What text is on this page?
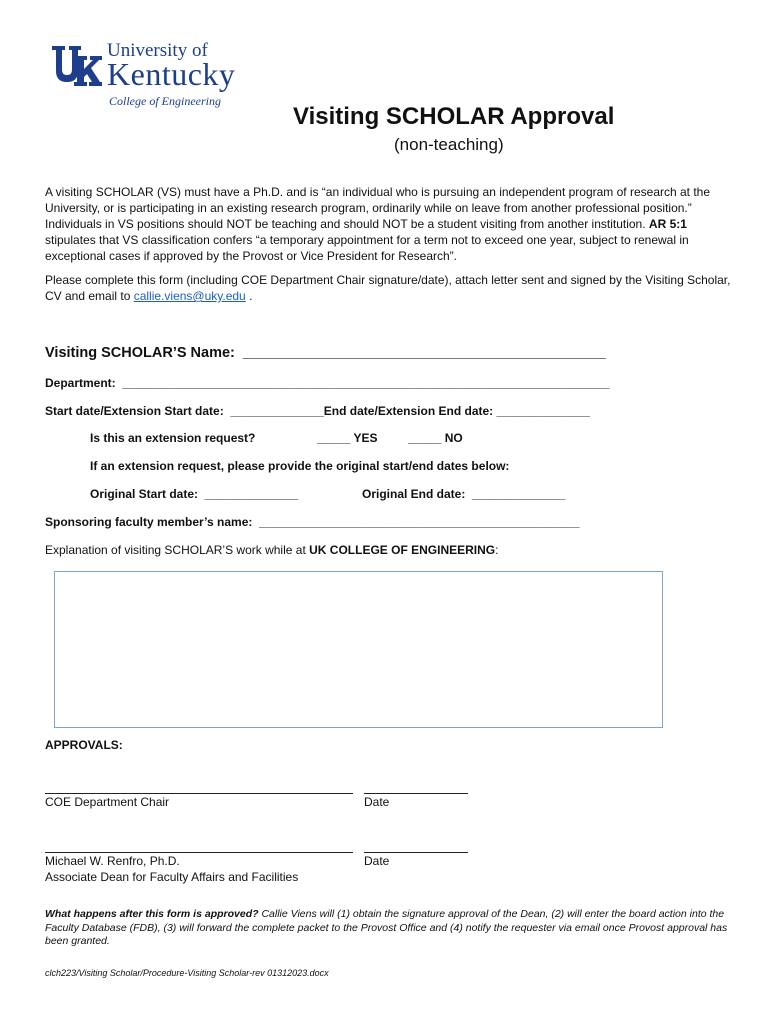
University of
Kentucky
College of Engineering
Visiting SCHOLAR Approval
(non-teaching)
A visiting SCHOLAR (VS) must have a Ph.D. and is “an individual who is pursuing an independent program of research at the University, or is participating in an existing research program, ordinarily while on leave from another professional position.” Individuals in VS positions should NOT be teaching and should NOT be a student visiting from another institution. AR 5:1 stipulates that VS classification confers “a temporary appointment for a term not to exceed one year, subject to renewal in exceptional cases if approved by the Provost or Vice President for Research”.
Please complete this form (including COE Department Chair signature/date), attach letter sent and signed by the Visiting Scholar, CV and email to callie.viens@uky.edu .
Visiting SCHOLAR’S Name:  _____________________________________________
Department:  _________________________________________________________________________
Start date/Extension Start date:  ______________End date/Extension End date: ______________
Is this an extension request?	_____ YES	_____ NO
If an extension request, please provide the original start/end dates below:
Original Start date:  ______________	Original End date:  ______________
Sponsoring faculty member’s name:  ________________________________________________
Explanation of visiting SCHOLAR’S work while at UK COLLEGE OF ENGINEERING:
APPROVALS:
COE Department Chair	Date
Michael W. Renfro, Ph.D.	Date
Associate Dean for Faculty Affairs and Facilities
What happens after this form is approved? Callie Viens will (1) obtain the signature approval of the Dean, (2) will enter the board action into the Faculty Database (FDB), (3) will forward the complete packet to the Provost Office and (4) notify the requester via email once Provost approval has been granted.
clch223/Visiting Scholar/Procedure-Visiting Scholar-rev 01312023.docx
